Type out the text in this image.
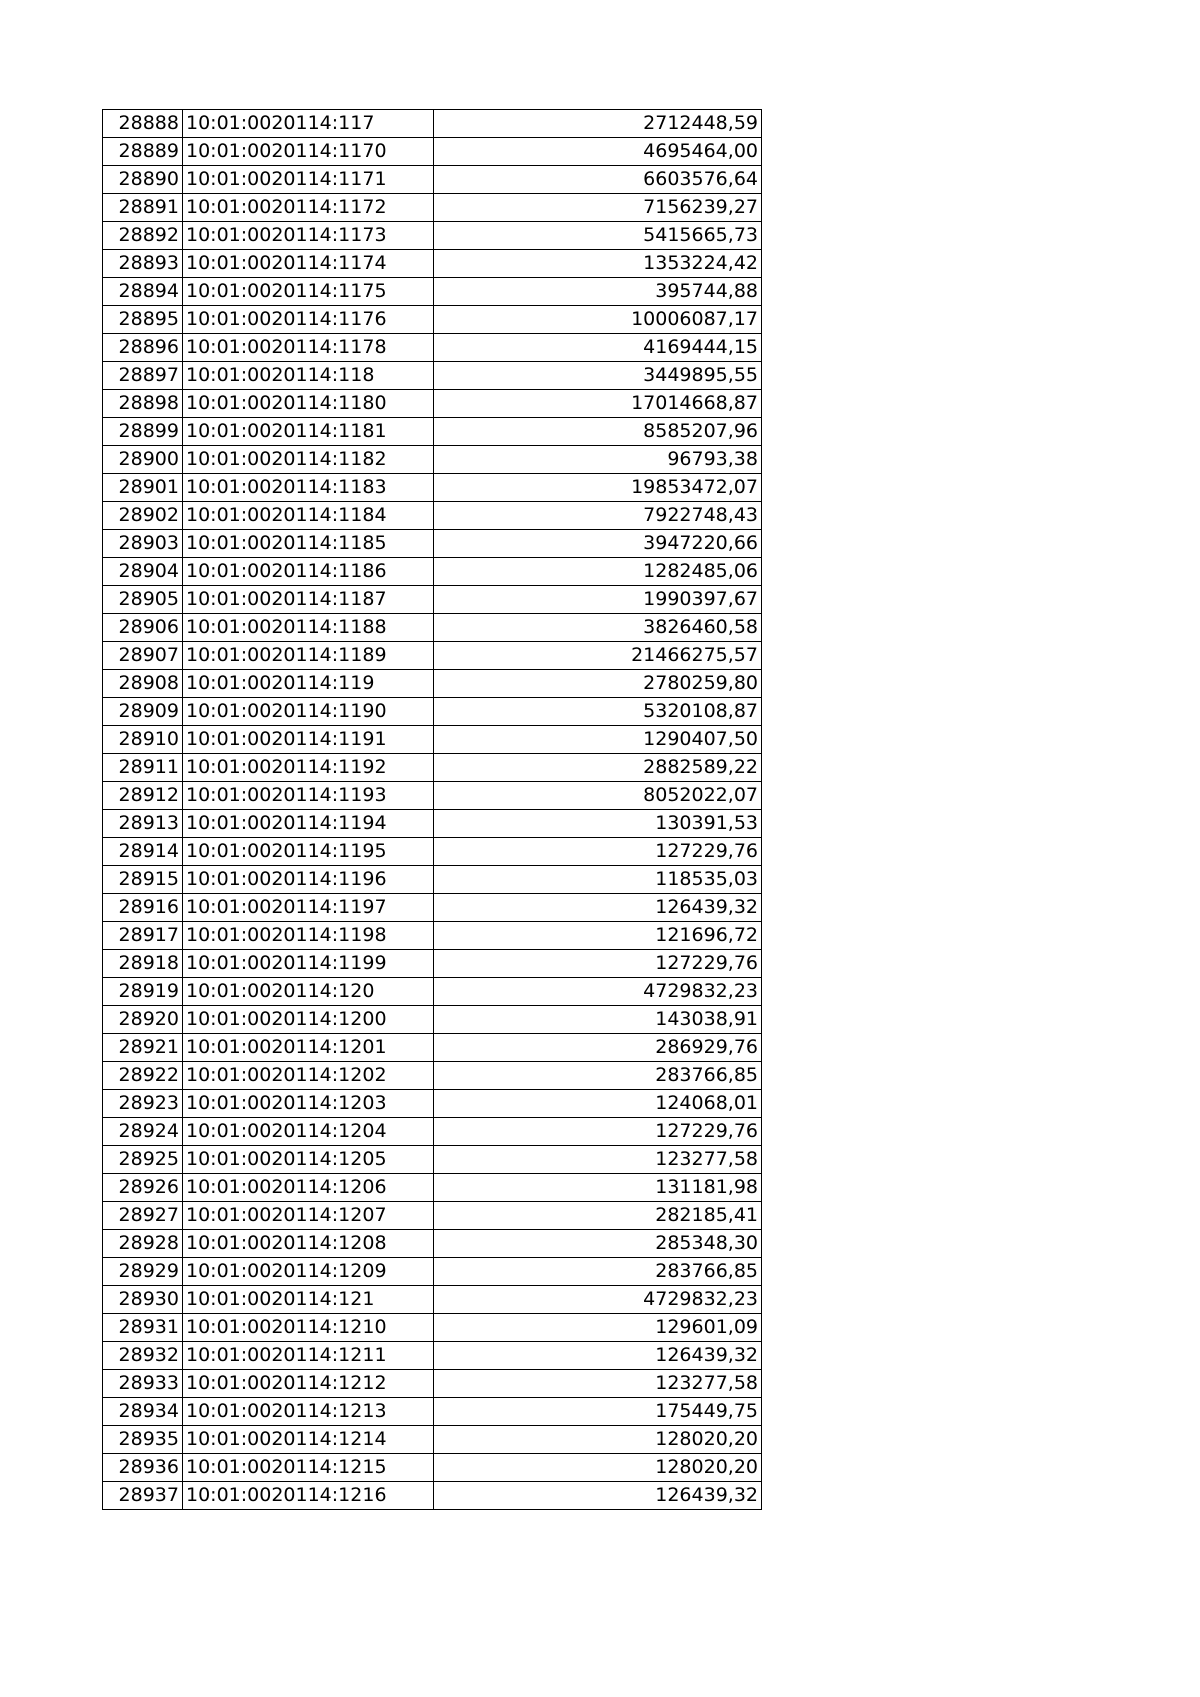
28888	10:01:0020114:117	2712448,59
28889	10:01:0020114:1170	4695464,00
28890	10:01:0020114:1171	6603576,64
28891	10:01:0020114:1172	7156239,27
28892	10:01:0020114:1173	5415665,73
28893	10:01:0020114:1174	1353224,42
28894	10:01:0020114:1175	395744,88
28895	10:01:0020114:1176	10006087,17
28896	10:01:0020114:1178	4169444,15
28897	10:01:0020114:118	3449895,55
28898	10:01:0020114:1180	17014668,87
28899	10:01:0020114:1181	8585207,96
28900	10:01:0020114:1182	96793,38
28901	10:01:0020114:1183	19853472,07
28902	10:01:0020114:1184	7922748,43
28903	10:01:0020114:1185	3947220,66
28904	10:01:0020114:1186	1282485,06
28905	10:01:0020114:1187	1990397,67
28906	10:01:0020114:1188	3826460,58
28907	10:01:0020114:1189	21466275,57
28908	10:01:0020114:119	2780259,80
28909	10:01:0020114:1190	5320108,87
28910	10:01:0020114:1191	1290407,50
28911	10:01:0020114:1192	2882589,22
28912	10:01:0020114:1193	8052022,07
28913	10:01:0020114:1194	130391,53
28914	10:01:0020114:1195	127229,76
28915	10:01:0020114:1196	118535,03
28916	10:01:0020114:1197	126439,32
28917	10:01:0020114:1198	121696,72
28918	10:01:0020114:1199	127229,76
28919	10:01:0020114:120	4729832,23
28920	10:01:0020114:1200	143038,91
28921	10:01:0020114:1201	286929,76
28922	10:01:0020114:1202	283766,85
28923	10:01:0020114:1203	124068,01
28924	10:01:0020114:1204	127229,76
28925	10:01:0020114:1205	123277,58
28926	10:01:0020114:1206	131181,98
28927	10:01:0020114:1207	282185,41
28928	10:01:0020114:1208	285348,30
28929	10:01:0020114:1209	283766,85
28930	10:01:0020114:121	4729832,23
28931	10:01:0020114:1210	129601,09
28932	10:01:0020114:1211	126439,32
28933	10:01:0020114:1212	123277,58
28934	10:01:0020114:1213	175449,75
28935	10:01:0020114:1214	128020,20
28936	10:01:0020114:1215	128020,20
28937	10:01:0020114:1216	126439,32
